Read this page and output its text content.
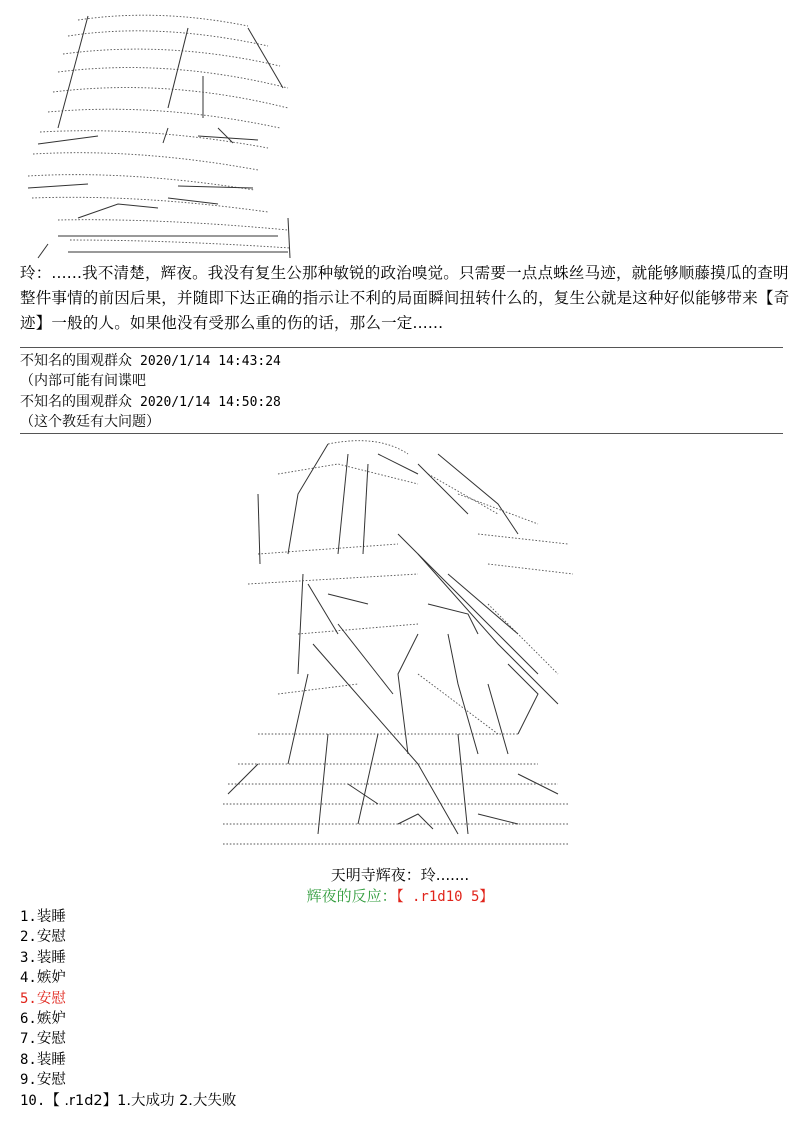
玲：......我不清楚，辉夜。我没有复生公那种敏锐的政治嗅觉。只需要一点点蛛丝马迹，就能够顺藤摸瓜的查明整件事情的前因后果，并随即下达正确的指示让不利的局面瞬间扭转什么的，复生公就是这种好似能够带来【奇迹】一般的人。如果他没有受那么重的伤的话，那么一定......
不知名的围观群众 2020/1/14 14:43:24
（内部可能有间谍吧
不知名的围观群众 2020/1/14 14:50:28
（这个教廷有大问题）
天明寺辉夜：玲.......
辉夜的反应：【 .r1d10 5】
1.装睡
2.安慰
3.装睡
4.嫉妒
5.安慰
6.嫉妒
7.安慰
8.装睡
9.安慰
10.【 .r1d2】1.大成功 2.大失败
